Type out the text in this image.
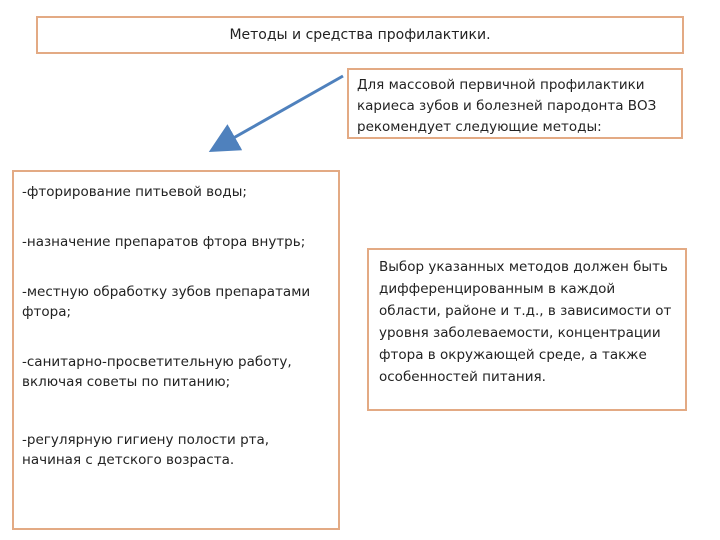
Методы и средства профилактики.
Для массовой первичной профилактики кариеса зубов и болезней пародонта ВОЗ рекомендует следующие методы:
-фторирование питьевой воды;
-назначение препаратов фтора внутрь;
-местную обработку зубов препаратами фтора;
-санитарно-просветительную работу, включая советы по питанию;
-регулярную гигиену полости рта, начиная с детского возраста.
Выбор указанных методов должен быть дифференцированным в каждой области, районе и т.д., в зависимости от уровня заболеваемости, концентрации фтора в окружающей среде, а также особенностей питания.
